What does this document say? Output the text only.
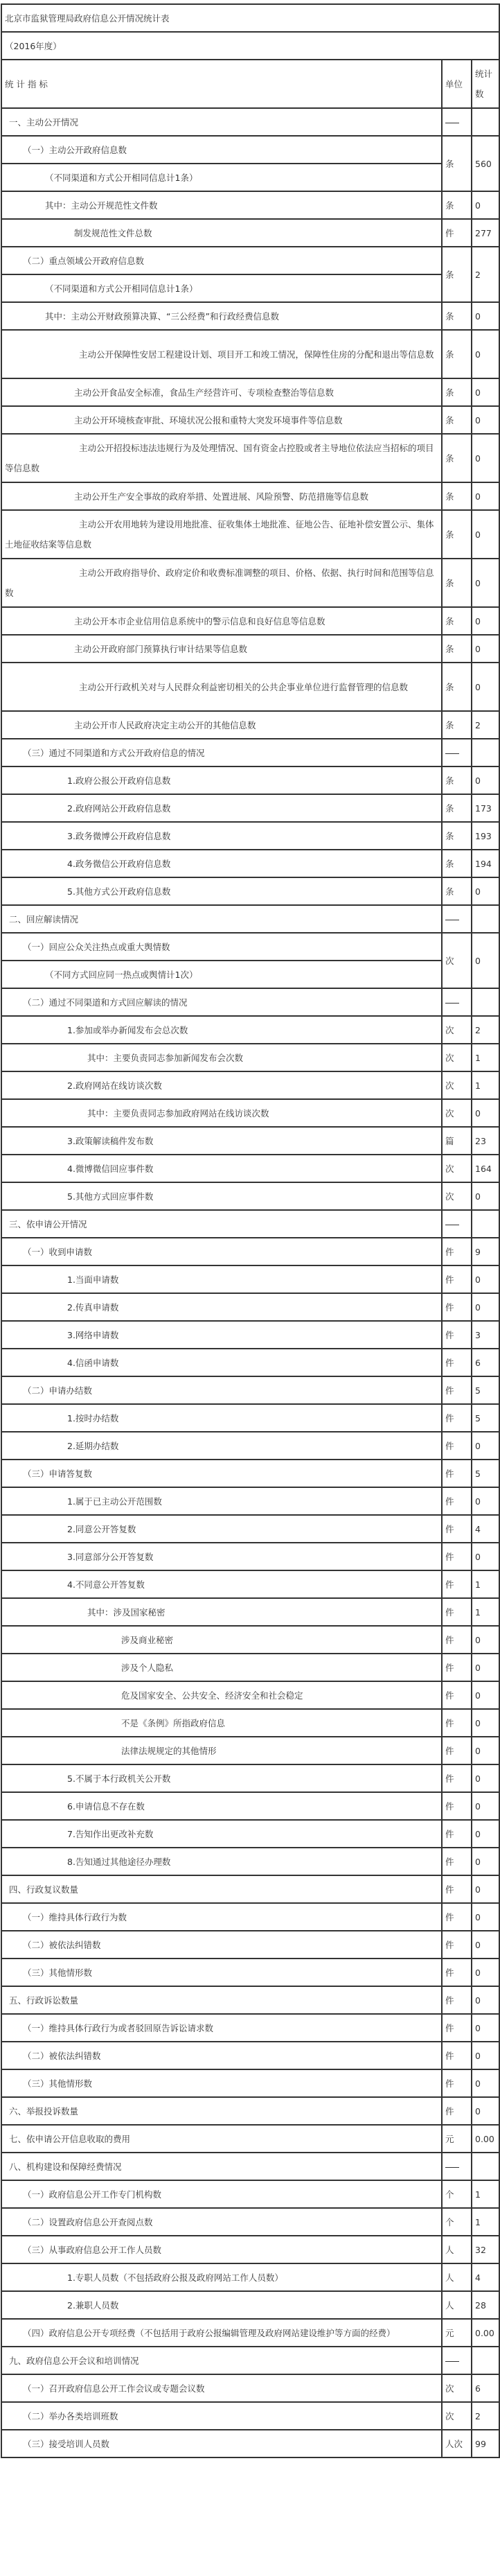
北京市监狱管理局政府信息公开情况统计表		
（2016年度）		
统 计 指 标	单位	统计数
一、主动公开情况		
（一）主动公开政府信息数	条	560
（不同渠道和方式公开相同信息计1条）		
其中：主动公开规范性文件数	条	0
制发规范性文件总数	件	277
（二）重点领域公开政府信息数	条	2
（不同渠道和方式公开相同信息计1条）		
其中：主动公开财政预算决算、“三公经费”和行政经费信息数	条	0
主动公开保障性安居工程建设计划、项目开工和竣工情况，保障性住房的分配和退出等信息数	条	0
主动公开食品安全标准，食品生产经营许可、专项检查整治等信息数	条	0
主动公开环境核查审批、环境状况公报和重特大突发环境事件等信息数	条	0
主动公开招投标违法违规行为及处理情况、国有资金占控股或者主导地位依法应当招标的项目等信息数	条	0
主动公开生产安全事故的政府举措、处置进展、风险预警、防范措施等信息数	条	0
主动公开农用地转为建设用地批准、征收集体土地批准、征地公告、征地补偿安置公示、集体土地征收结案等信息数	条	0
主动公开政府指导价、政府定价和收费标准调整的项目、价格、依据、执行时间和范围等信息数	条	0
主动公开本市企业信用信息系统中的警示信息和良好信息等信息数	条	0
主动公开政府部门预算执行审计结果等信息数	条	0
主动公开行政机关对与人民群众利益密切相关的公共企事业单位进行监督管理的信息数	条	0
主动公开市人民政府决定主动公开的其他信息数	条	2
（三）通过不同渠道和方式公开政府信息的情况		
1.政府公报公开政府信息数	条	0
2.政府网站公开政府信息数	条	173
3.政务微博公开政府信息数	条	193
4.政务微信公开政府信息数	条	194
5.其他方式公开政府信息数	条	0
二、回应解读情况		
（一）回应公众关注热点或重大舆情数	次	0
（不同方式回应同一热点或舆情计1次）		
（二）通过不同渠道和方式回应解读的情况		
1.参加或举办新闻发布会总次数	次	2
其中：主要负责同志参加新闻发布会次数	次	1
2.政府网站在线访谈次数	次	1
其中：主要负责同志参加政府网站在线访谈次数	次	0
3.政策解读稿件发布数	篇	23
4.微博微信回应事件数	次	164
5.其他方式回应事件数	次	0
三、依申请公开情况		
（一）收到申请数	件	9
1.当面申请数	件	0
2.传真申请数	件	0
3.网络申请数	件	3
4.信函申请数	件	6
（二）申请办结数	件	5
1.按时办结数	件	5
2.延期办结数	件	0
（三）申请答复数	件	5
1.属于已主动公开范围数	件	0
2.同意公开答复数	件	4
3.同意部分公开答复数	件	0
4.不同意公开答复数	件	1
其中：涉及国家秘密	件	1
涉及商业秘密	件	0
涉及个人隐私	件	0
危及国家安全、公共安全、经济安全和社会稳定	件	0
不是《条例》所指政府信息	件	0
法律法规规定的其他情形	件	0
5.不属于本行政机关公开数	件	0
6.申请信息不存在数	件	0
7.告知作出更改补充数	件	0
8.告知通过其他途径办理数	件	0
四、行政复议数量	件	0
（一）维持具体行政行为数	件	0
（二）被依法纠错数	件	0
（三）其他情形数	件	0
五、行政诉讼数量	件	0
（一）维持具体行政行为或者驳回原告诉讼请求数	件	0
（二）被依法纠错数	件	0
（三）其他情形数	件	0
六、举报投诉数量	件	0
七、依申请公开信息收取的费用	元	0.00
八、机构建设和保障经费情况		
（一）政府信息公开工作专门机构数	个	1
（二）设置政府信息公开查阅点数	个	1
（三）从事政府信息公开工作人员数	人	32
1.专职人员数（不包括政府公报及政府网站工作人员数）	人	4
2.兼职人员数	人	28
（四）政府信息公开专项经费（不包括用于政府公报编辑管理及政府网站建设维护等方面的经费）	元	0.00
九、政府信息公开会议和培训情况		
（一）召开政府信息公开工作会议或专题会议数	次	6
（二）举办各类培训班数	次	2
（三）接受培训人员数	人次	99
